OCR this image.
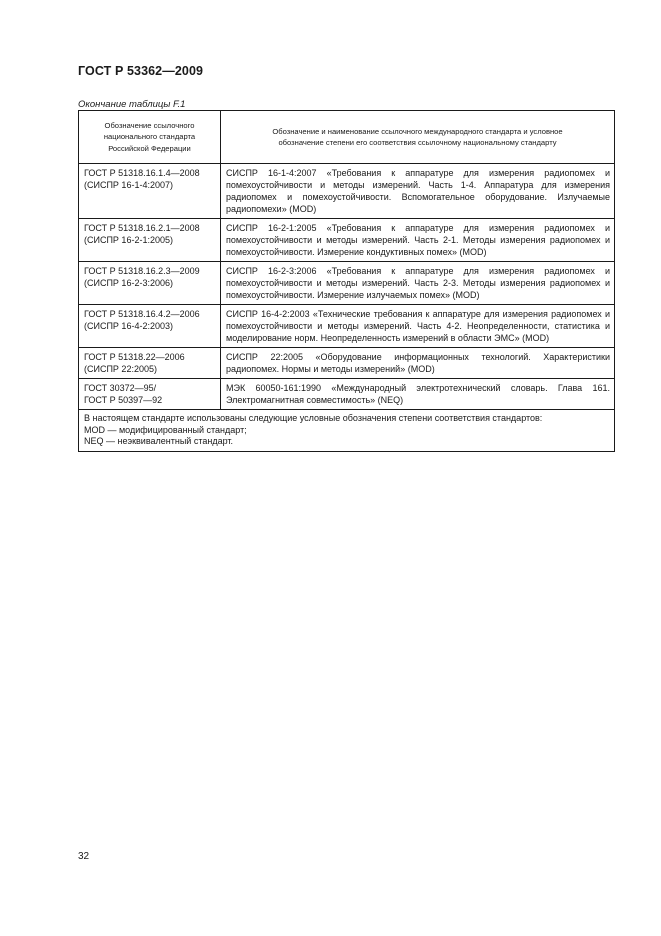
ГОСТ Р 53362—2009
Окончание таблицы F.1
Обозначение ссылочного
национального стандарта
Российской Федерации	Обозначение и наименование ссылочного международного стандарта и условное
обозначение степени его соответствия ссылочному национальному стандарту
ГОСТ Р 51318.16.1.4—2008
(СИСПР 16-1-4:2007)	СИСПР 16-1-4:2007 «Требования к аппаратуре для измерения радиопомех и помехоустойчивости и методы измерений. Часть 1-4. Аппаратура для измерения радиопомех и помехоустойчивости. Вспомогательное оборудование. Излучаемые радиопомехи» (MOD)
ГОСТ Р 51318.16.2.1—2008
(СИСПР 16-2-1:2005)	СИСПР 16-2-1:2005 «Требования к аппаратуре для измерения радиопомех и помехоустойчивости и методы измерений. Часть 2-1. Методы измерения радиопомех и помехоустойчивости. Измерение кондуктивных помех» (MOD)
ГОСТ Р 51318.16.2.3—2009
(СИСПР 16-2-3:2006)	СИСПР 16-2-3:2006 «Требования к аппаратуре для измерения радиопомех и помехоустойчивости и методы измерений. Часть 2-3. Методы измерения радиопомех и помехоустойчивости. Измерение излучаемых помех» (MOD)
ГОСТ Р 51318.16.4.2—2006
(СИСПР 16-4-2:2003)	СИСПР 16-4-2:2003 «Технические требования к аппаратуре для измерения радиопомех и помехоустойчивости и методы измерений. Часть 4-2. Неопределенности, статистика и моделирование норм. Неопределенность измерений в области ЭМС» (MOD)
ГОСТ Р 51318.22—2006
(СИСПР 22:2005)	СИСПР 22:2005 «Оборудование информационных технологий. Характеристики радиопомех. Нормы и методы измерений» (MOD)
ГОСТ 30372—95/
ГОСТ Р 50397—92	МЭК 60050-161:1990 «Международный электротехнический словарь. Глава 161. Электромагнитная совместимость» (NEQ)

В настоящем стандарте использованы следующие условные обозначения степени соответствия стандартов:
MOD — модифицированный стандарт;
NEQ — неэквивалентный стандарт.	
32
